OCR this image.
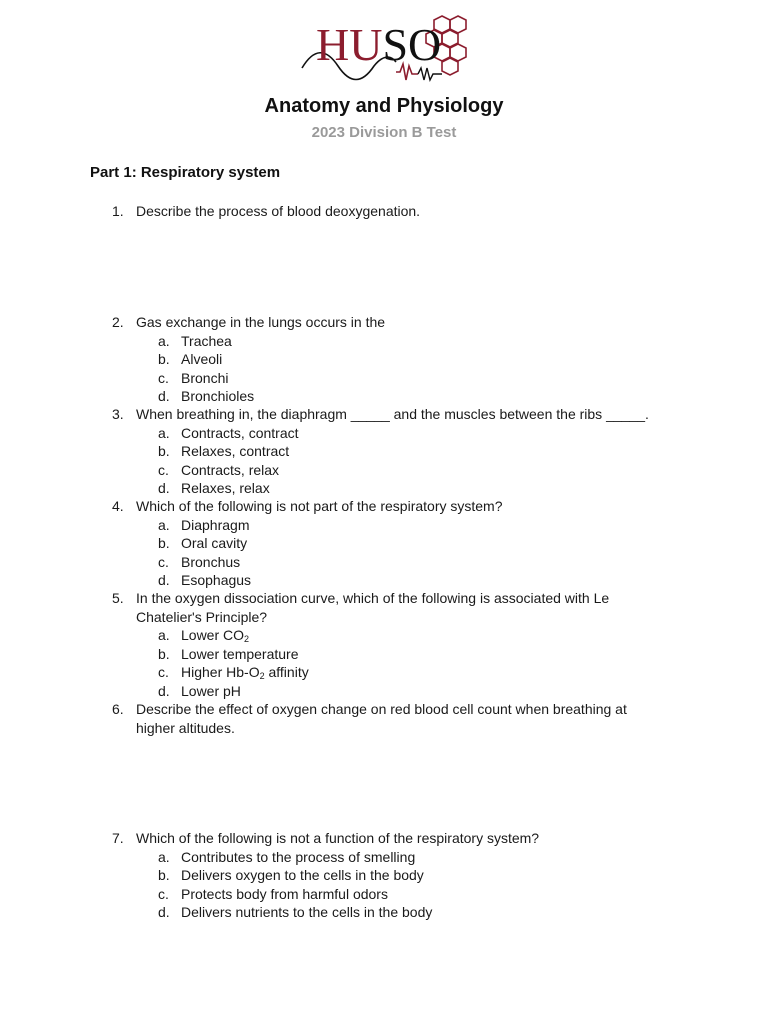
HUSO
Anatomy and Physiology
2023 Division B Test
Part 1: Respiratory system
1. Describe the process of blood deoxygenation.
2. Gas exchange in the lungs occurs in the
a. Trachea
b. Alveoli
c. Bronchi
d. Bronchioles
3. When breathing in, the diaphragm _____ and the muscles between the ribs _____.
a. Contracts, contract
b. Relaxes, contract
c. Contracts, relax
d. Relaxes, relax
4. Which of the following is not part of the respiratory system?
a. Diaphragm
b. Oral cavity
c. Bronchus
d. Esophagus
5. In the oxygen dissociation curve, which of the following is associated with Le
Chatelier's Principle?
a. Lower $CO_2$
b. Lower temperature
c. Higher $Hb-O_2$ affinity
d. Lower pH
6. Describe the effect of oxygen change on red blood cell count when breathing at
higher altitudes.
7. Which of the following is not a function of the respiratory system?
a. Contributes to the process of smelling
b. Delivers oxygen to the cells in the body
c. Protects body from harmful odors
d. Delivers nutrients to the cells in the body
